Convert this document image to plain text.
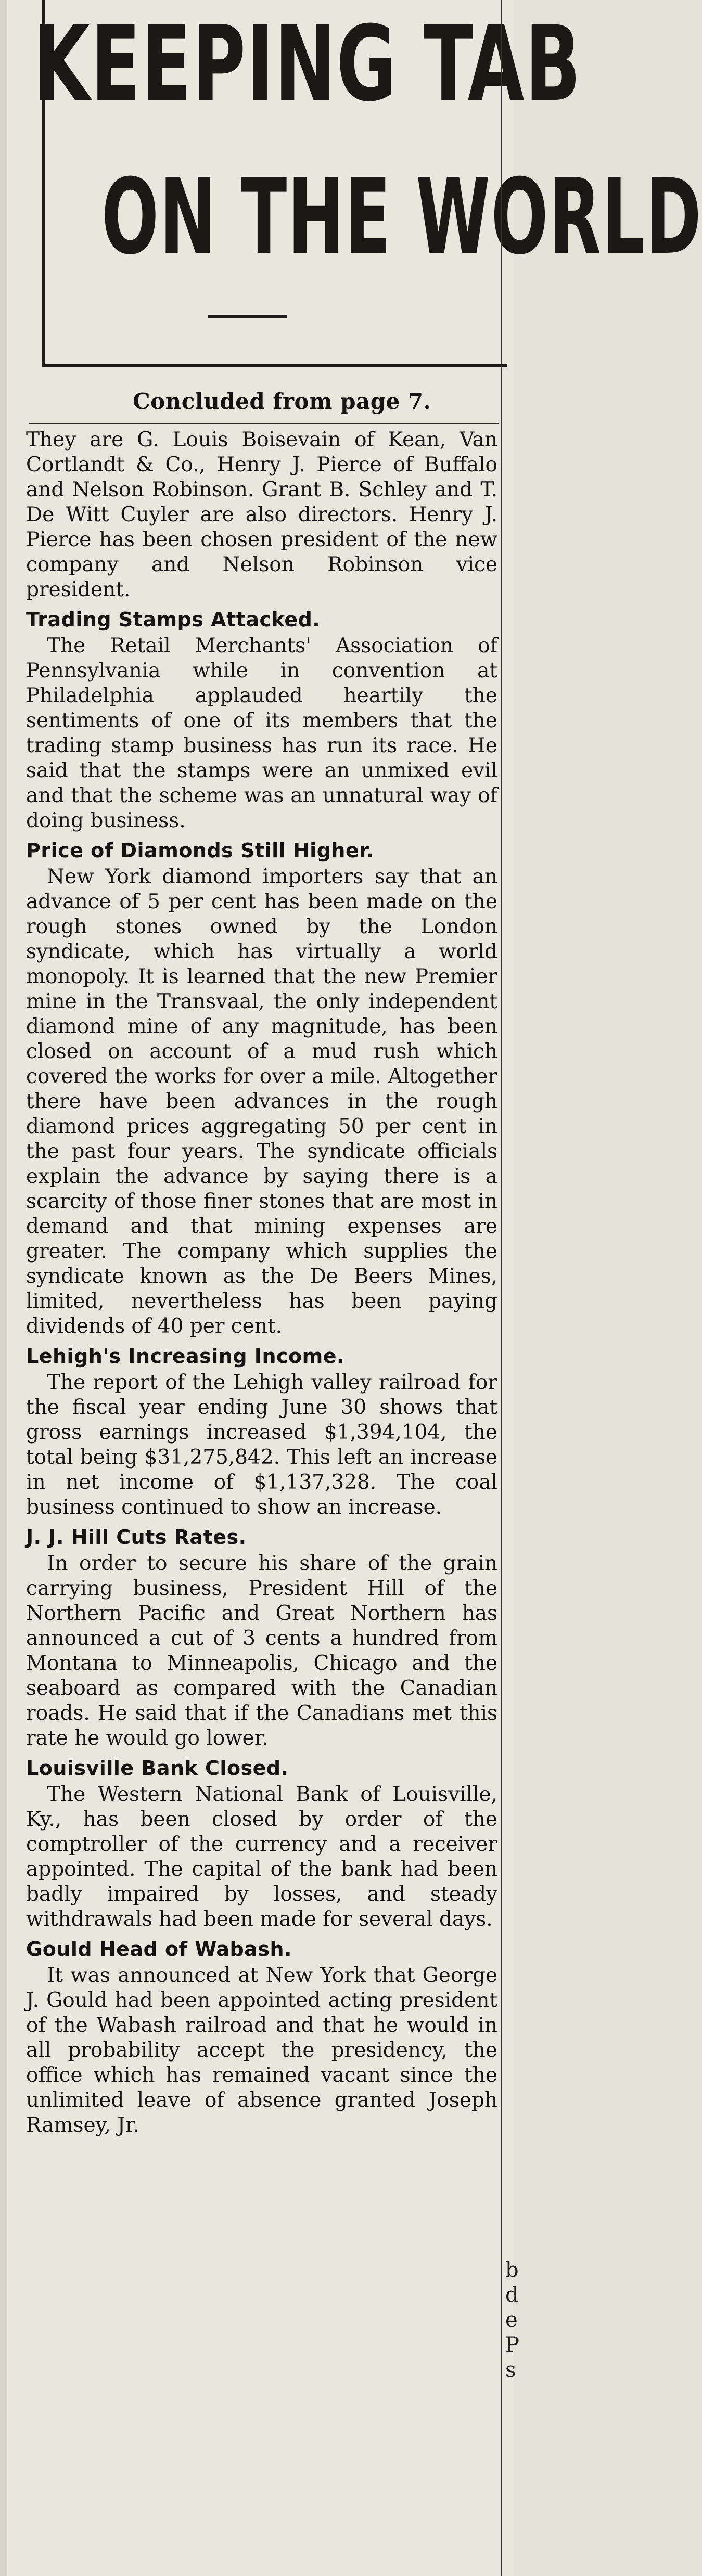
KEEPING TAB
ON THE WORLD
Concluded from page 7.

They are G. Louis Boisevain of Kean, Van Cortlandt & Co., Henry J. Pierce of Buffalo and Nelson Robinson. Grant B. Schley and T. De Witt Cuyler are also directors. Henry J. Pierce has been chosen president of the new company and Nelson Robinson vice president.

Trading Stamps Attacked.

The Retail Merchants' Association of Pennsylvania while in convention at Philadelphia applauded heartily the sentiments of one of its members that the trading stamp business has run its race. He said that the stamps were an unmixed evil and that the scheme was an unnatural way of doing business.

Price of Diamonds Still Higher.

New York diamond importers say that an advance of 5 per cent has been made on the rough stones owned by the London syndicate, which has virtually a world monopoly. It is learned that the new Premier mine in the Transvaal, the only independent diamond mine of any magnitude, has been closed on account of a mud rush which covered the works for over a mile. Altogether there have been advances in the rough diamond prices aggregating 50 per cent in the past four years. The syndicate officials explain the advance by saying there is a scarcity of those finer stones that are most in demand and that mining expenses are greater. The company which supplies the syndicate known as the De Beers Mines, limited, nevertheless has been paying dividends of 40 per cent.

Lehigh's Increasing Income.

The report of the Lehigh valley railroad for the fiscal year ending June 30 shows that gross earnings increased $1,394,104, the total being $31,275,842. This left an increase in net income of $1,137,328. The coal business continued to show an increase.

J. J. Hill Cuts Rates.

In order to secure his share of the grain carrying business, President Hill of the Northern Pacific and Great Northern has announced a cut of 3 cents a hundred from Montana to Minneapolis, Chicago and the seaboard as compared with the Canadian roads. He said that if the Canadians met this rate he would go lower.

Louisville Bank Closed.

The Western National Bank of Louisville, Ky., has been closed by order of the comptroller of the currency and a receiver appointed. The capital of the bank had been badly impaired by losses, and steady withdrawals had been made for several days.

Gould Head of Wabash.

It was announced at New York that George J. Gould had been appointed acting president of the Wabash railroad and that he would in all probability accept the presidency, the office which has remained vacant since the unlimited leave of absence granted Joseph Ramsey, Jr.

b
d
e
P
s
